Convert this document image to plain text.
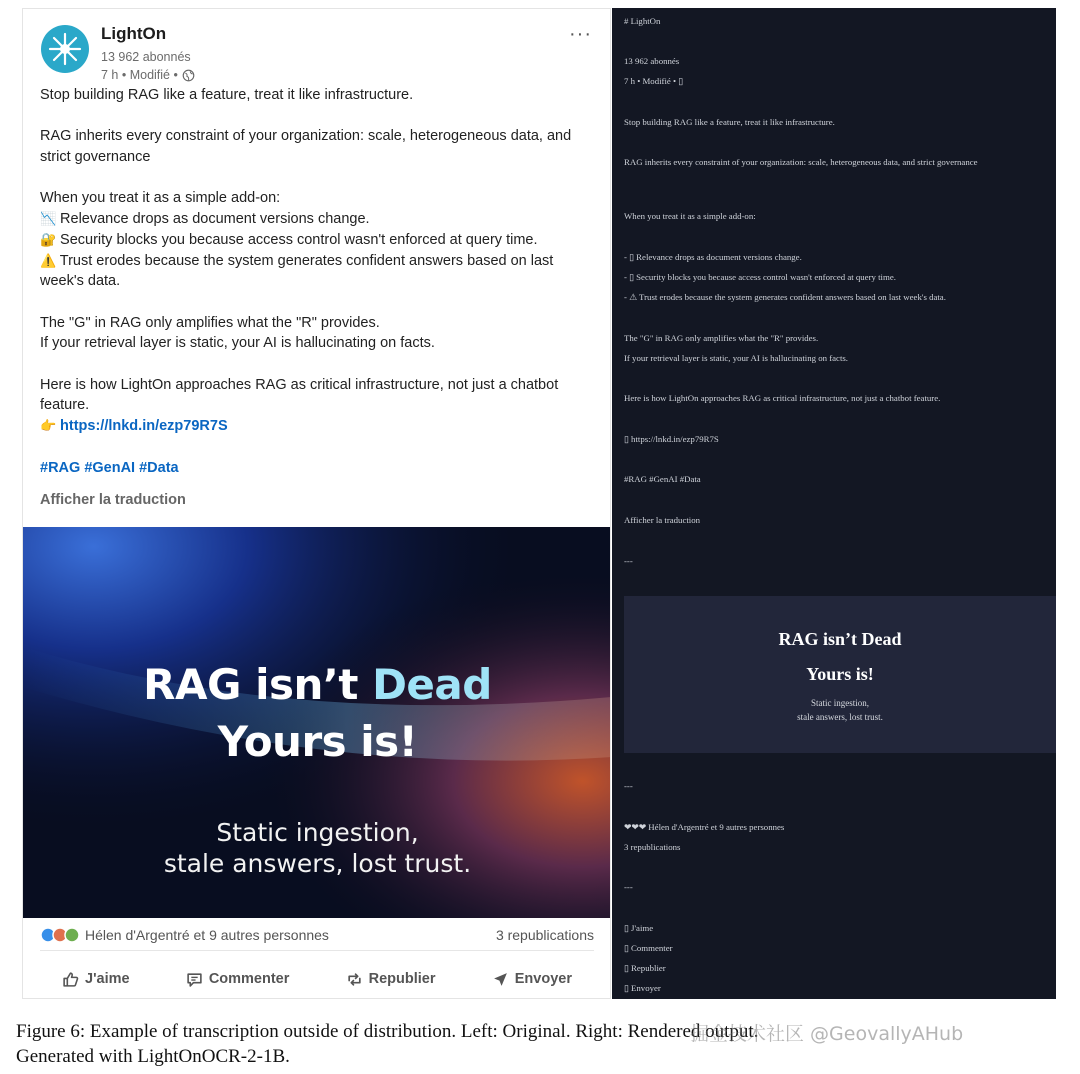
LightOn
13 962 abonnés
7 h • Modifié •
···

Stop building RAG like a feature, treat it like infrastructure.

RAG inherits every constraint of your organization: scale, heterogeneous data, and strict governance

When you treat it as a simple add-on:

📉 Relevance drops as document versions change.

🔐 Security blocks you because access control wasn't enforced at query time.

⚠️ Trust erodes because the system generates confident answers based on last week's data.

The "G" in RAG only amplifies what the "R" provides.

If your retrieval layer is static, your AI is hallucinating on facts.

Here is how LightOn approaches RAG as critical infrastructure, not just a chatbot feature.

👉 https://lnkd.in/ezp79R7S

#RAG #GenAI #Data

Afficher la traduction
RAG isn’t Dead
Yours is!
Static ingestion,
stale answers, lost trust.
Hélen d'Argentré et 9 autres personnes	3 republications
J'aime	Commenter	Republier	Envoyer
# LightOn
13 962 abonnés
7 h • Modifié • ▯
Stop building RAG like a feature, treat it like infrastructure.
RAG inherits every constraint of your organization: scale, heterogeneous data, and strict governance
When you treat it as a simple add-on:
- ▯ Relevance drops as document versions change.
- ▯ Security blocks you because access control wasn't enforced at query time.
- ⚠ Trust erodes because the system generates confident answers based on last week's data.
The "G" in RAG only amplifies what the "R" provides.
If your retrieval layer is static, your AI is hallucinating on facts.
Here is how LightOn approaches RAG as critical infrastructure, not just a chatbot feature.
▯ https://lnkd.in/ezp79R7S
#RAG #GenAI #Data
Afficher la traduction
---
RAG isn’t Dead
Yours is!
Static ingestion,
stale answers, lost trust.
---
❤❤❤ Hélen d'Argentré et 9 autres personnes
3 republications
---
▯ J'aime
▯ Commenter
▯ Republier
▯ Envoyer
Figure 6: Example of transcription outside of distribution. Left: Original. Right: Rendered output.
Generated with LightOnOCR-2-1B.
掘金技术社区 @GeovallyAHub
